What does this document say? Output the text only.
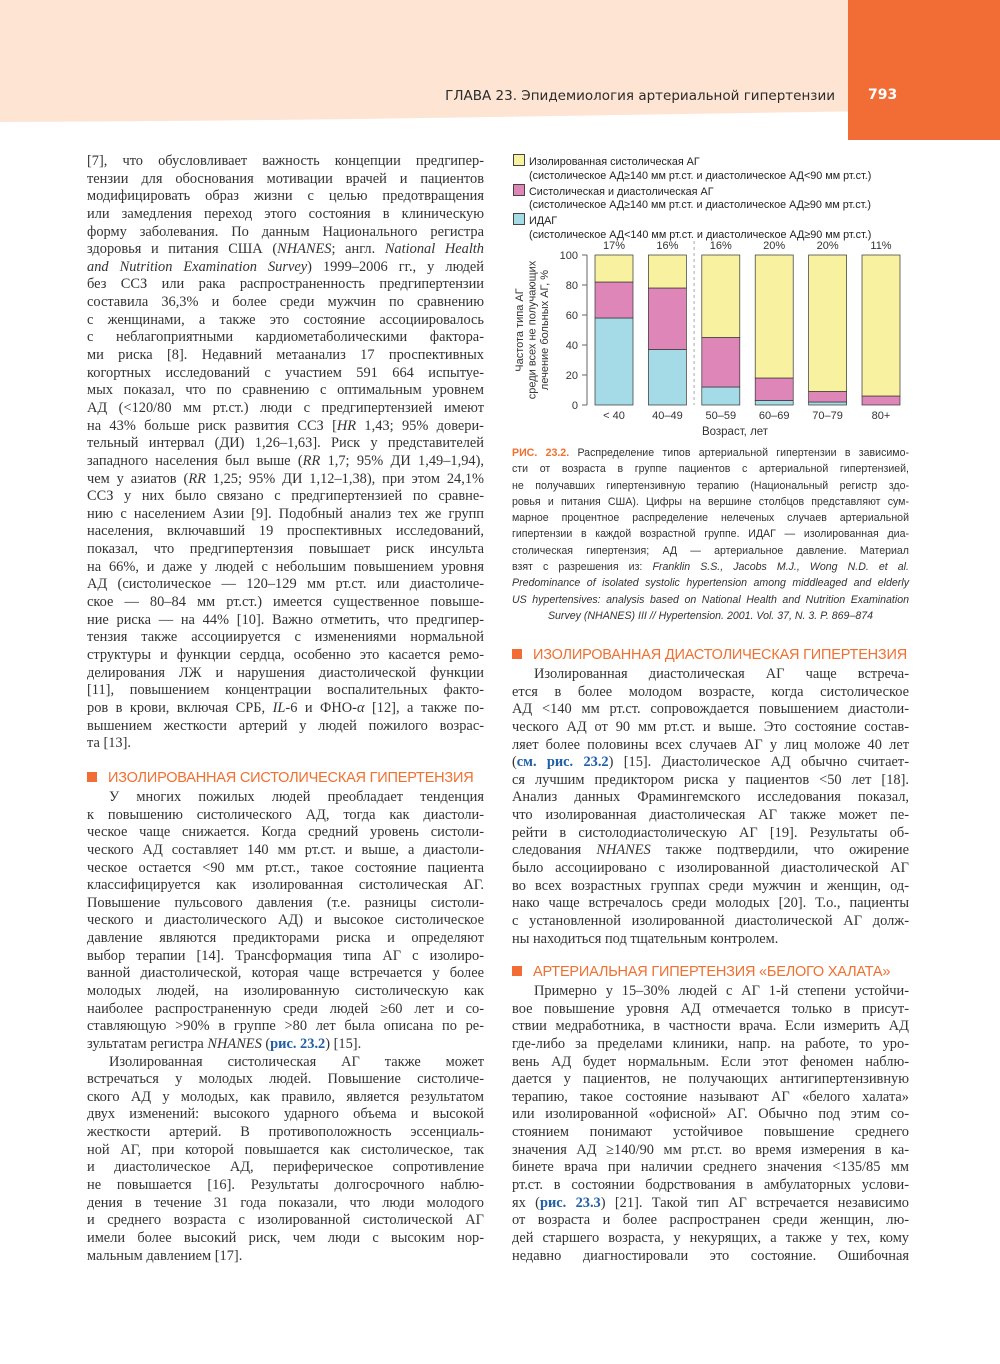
ГЛАВА 23. Эпидемиология артериальной гипертензии 793
[7], что обусловливает важность концепции предгипер-
тензии для обоснования мотивации врачей и пациентов
модифицировать образ жизни с целью предотвращения
или замедления переход этого состояния в клиническую
форму заболевания. По данным Национального регистра
здоровья и питания США (NHANES; англ. National Health
and Nutrition Examination Survey) 1999–2006 гг., у людей
без ССЗ или рака распространенность предгипертензии
составила 36,3% и более среди мужчин по сравнению
с женщинами, а также это состояние ассоциировалось
с неблагоприятными кардиометаболическими фактора-
ми риска [8]. Недавний метаанализ 17 проспективных
когортных исследований с участием 591 664 испытуе-
мых показал, что по сравнению с оптимальным уровнем
АД (<120/80 мм рт.ст.) люди с предгипертензией имеют
на 43% больше риск развития ССЗ [HR 1,43; 95% довери-
тельный интервал (ДИ) 1,26–1,63]. Риск у представителей
западного населения был выше (RR 1,7; 95% ДИ 1,49–1,94),
чем у азиатов (RR 1,25; 95% ДИ 1,12–1,38), при этом 24,1%
ССЗ у них было связано с предгипертензией по сравне-
нию с населением Азии [9]. Подобный анализ тех же групп
населения, включавший 19 проспективных исследований,
показал, что предгипертензия повышает риск инсульта
на 66%, и даже у людей с небольшим повышением уровня
АД (систолическое — 120–129 мм рт.ст. или диастоличе-
ское — 80–84 мм рт.ст.) имеется существенное повыше-
ние риска — на 44% [10]. Важно отметить, что предгипер-
тензия также ассоциируется с изменениями нормальной
структуры и функции сердца, особенно это касается ремо-
делирования ЛЖ и нарушения диастолической функции
[11], повышением концентрации воспалительных факто-
ров в крови, включая СРБ, IL-6 и ФНО-α [12], а также по-
вышением жесткости артерий у людей пожилого возрас-
та [13].
ИЗОЛИРОВАННАЯ СИСТОЛИЧЕСКАЯ ГИПЕРТЕНЗИЯ
У многих пожилых людей преобладает тенденция
к повышению систолического АД, тогда как диастоли-
ческое чаще снижается. Когда средний уровень систоли-
ческого АД составляет 140 мм рт.ст. и выше, а диастоли-
ческое остается <90 мм рт.ст., такое состояние пациента
классифицируется как изолированная систолическая АГ.
Повышение пульсового давления (т.е. разницы систоли-
ческого и диастолического АД) и высокое систолическое
давление являются предикторами риска и определяют
выбор терапии [14]. Трансформация типа АГ с изолиро-
ванной диастолической, которая чаще встречается у более
молодых людей, на изолированную систолическую как
наиболее распространенную среди людей ≥60 лет и со-
ставляющую >90% в группе >80 лет была описана по ре-
зультатам регистра NHANES (рис. 23.2) [15].
Изолированная систолическая АГ также может
встречаться у молодых людей. Повышение систоличе-
ского АД у молодых, как правило, является результатом
двух изменений: высокого ударного объема и высокой
жесткости артерий. В противоположность эссенциаль-
ной АГ, при которой повышается как систолическое, так
и диастолическое АД, периферическое сопротивление
не повышается [16]. Результаты долгосрочного наблю-
дения в течение 31 года показали, что люди молодого
и среднего возраста с изолированной систолической АГ
имели более высокий риск, чем люди с высоким нор-
мальным давлением [17].
Изолированная систолическая АГ
(систолическое АД≥140 мм рт.ст. и диастолическое АД<90 мм рт.ст.)
Систолическая и диастолическая АГ
(систолическое АД≥140 мм рт.ст. и диастолическое АД≥90 мм рт.ст.)
ИДАГ
(систолическое АД<140 мм рт.ст. и диастолическое АД≥90 мм рт.ст.)
0
20
40
60
80
100
Частота типа АГ среди всех не получающих лечение больных АГ, %
17%
< 40
16%
40–49
16%
50–59
20%
60–69
20%
70–79
11%
80+
Возраст, лет
РИС. 23.2. Распределение типов артериальной гипертензии в зависимо-
сти от возраста в группе пациентов с артериальной гипертензией,
не получавших гипертензивную терапию (Национальный регистр здо-
ровья и питания США). Цифры на вершине столбцов представляют сум-
марное процентное распределение нелеченых случаев артериальной
гипертензии в каждой возрастной группе. ИДАГ — изолированная диа-
столическая гипертензия; АД — артериальное давление. Материал
взят с разрешения из: Franklin S.S., Jacobs M.J., Wong N.D. et al.
Predominance of isolated systolic hypertension among middleaged and elderly
US hypertensives: analysis based on National Health and Nutrition Examination
Survey (NHANES) III // Hypertension. 2001. Vol. 37, N. 3. P. 869–874
ИЗОЛИРОВАННАЯ ДИАСТОЛИЧЕСКАЯ ГИПЕРТЕНЗИЯ
Изолированная диастолическая АГ чаще встреча-
ется в более молодом возрасте, когда систолическое
АД <140 мм рт.ст. сопровождается повышением диастоли-
ческого АД от 90 мм рт.ст. и выше. Это состояние состав-
ляет более половины всех случаев АГ у лиц моложе 40 лет
(см. рис. 23.2) [15]. Диастолическое АД обычно считает-
ся лучшим предиктором риска у пациентов <50 лет [18].
Анализ данных Фрамингемского исследования показал,
что изолированная диастолическая АГ также может пе-
рейти в систолодиастолическую АГ [19]. Результаты об-
следования NHANES также подтвердили, что ожирение
было ассоциировано с изолированной диастолической АГ
во всех возрастных группах среди мужчин и женщин, од-
нако чаще встречалось среди молодых [20]. Т.о., пациенты
с установленной изолированной диастолической АГ долж-
ны находиться под тщательным контролем.
АРТЕРИАЛЬНАЯ ГИПЕРТЕНЗИЯ «БЕЛОГО ХАЛАТА»
Примерно у 15–30% людей с АГ 1-й степени устойчи-
вое повышение уровня АД отмечается только в присут-
ствии медработника, в частности врача. Если измерить АД
где-либо за пределами клиники, напр. на работе, то уро-
вень АД будет нормальным. Если этот феномен наблю-
дается у пациентов, не получающих антигипертензивную
терапию, такое состояние называют АГ «белого халата»
или изолированной «офисной» АГ. Обычно под этим со-
стоянием понимают устойчивое повышение среднего
значения АД ≥140/90 мм рт.ст. во время измерения в ка-
бинете врача при наличии среднего значения <135/85 мм
рт.ст. в состоянии бодрствования в амбулаторных услови-
ях (рис. 23.3) [21]. Такой тип АГ встречается независимо
от возраста и более распространен среди женщин, лю-
дей старшего возраста, у некурящих, а также у тех, кому
недавно диагностировали это состояние. Ошибочная
